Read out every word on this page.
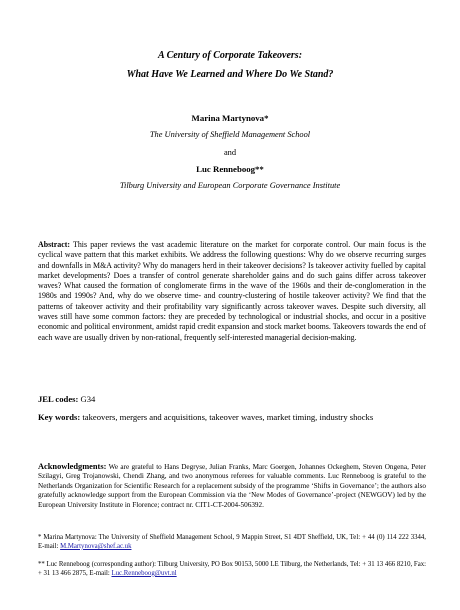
A Century of Corporate Takeovers:
What Have We Learned and Where Do We Stand?
Marina Martynova*
The University of Sheffield Management School
and
Luc Renneboog**
Tilburg University and European Corporate Governance Institute
Abstract: This paper reviews the vast academic literature on the market for corporate control. Our main focus is the cyclical wave pattern that this market exhibits. We address the following questions: Why do we observe recurring surges and downfalls in M&A activity? Why do managers herd in their takeover decisions? Is takeover activity fuelled by capital market developments? Does a transfer of control generate shareholder gains and do such gains differ across takeover waves? What caused the formation of conglomerate firms in the wave of the 1960s and their de-conglomeration in the 1980s and 1990s? And, why do we observe time- and country-clustering of hostile takeover activity? We find that the patterns of takeover activity and their profitability vary significantly across takeover waves. Despite such diversity, all waves still have some common factors: they are preceded by technological or industrial shocks, and occur in a positive economic and political environment, amidst rapid credit expansion and stock market booms. Takeovers towards the end of each wave are usually driven by non-rational, frequently self-interested managerial decision-making.
JEL codes: G34
Key words: takeovers, mergers and acquisitions, takeover waves, market timing, industry shocks
Acknowledgments: We are grateful to Hans Degryse, Julian Franks, Marc Goergen, Johannes Ockeghem, Steven Ongena, Peter Szilagyi, Greg Trojanowski, Chendi Zhang, and two anonymous referees for valuable comments. Luc Renneboog is grateful to the Netherlands Organization for Scientific Research for a replacement subsidy of the programme ‘Shifts in Governance’; the authors also gratefully acknowledge support from the European Commission via the ‘New Modes of Governance’-project (NEWGOV) led by the European University Institute in Florence; contract nr. CIT1-CT-2004-506392.
* Marina Martynova: The University of Sheffield Management School, 9 Mappin Street, S1 4DT Sheffield, UK, Tel: + 44 (0) 114 222 3344, E-mail: M.Martynova@shef.ac.uk
** Luc Renneboog (corresponding author): Tilburg University, PO Box 90153, 5000 LE Tilburg, the Netherlands, Tel: + 31 13 466 8210, Fax: + 31 13 466 2875, E-mail: Luc.Renneboog@uvt.nl
